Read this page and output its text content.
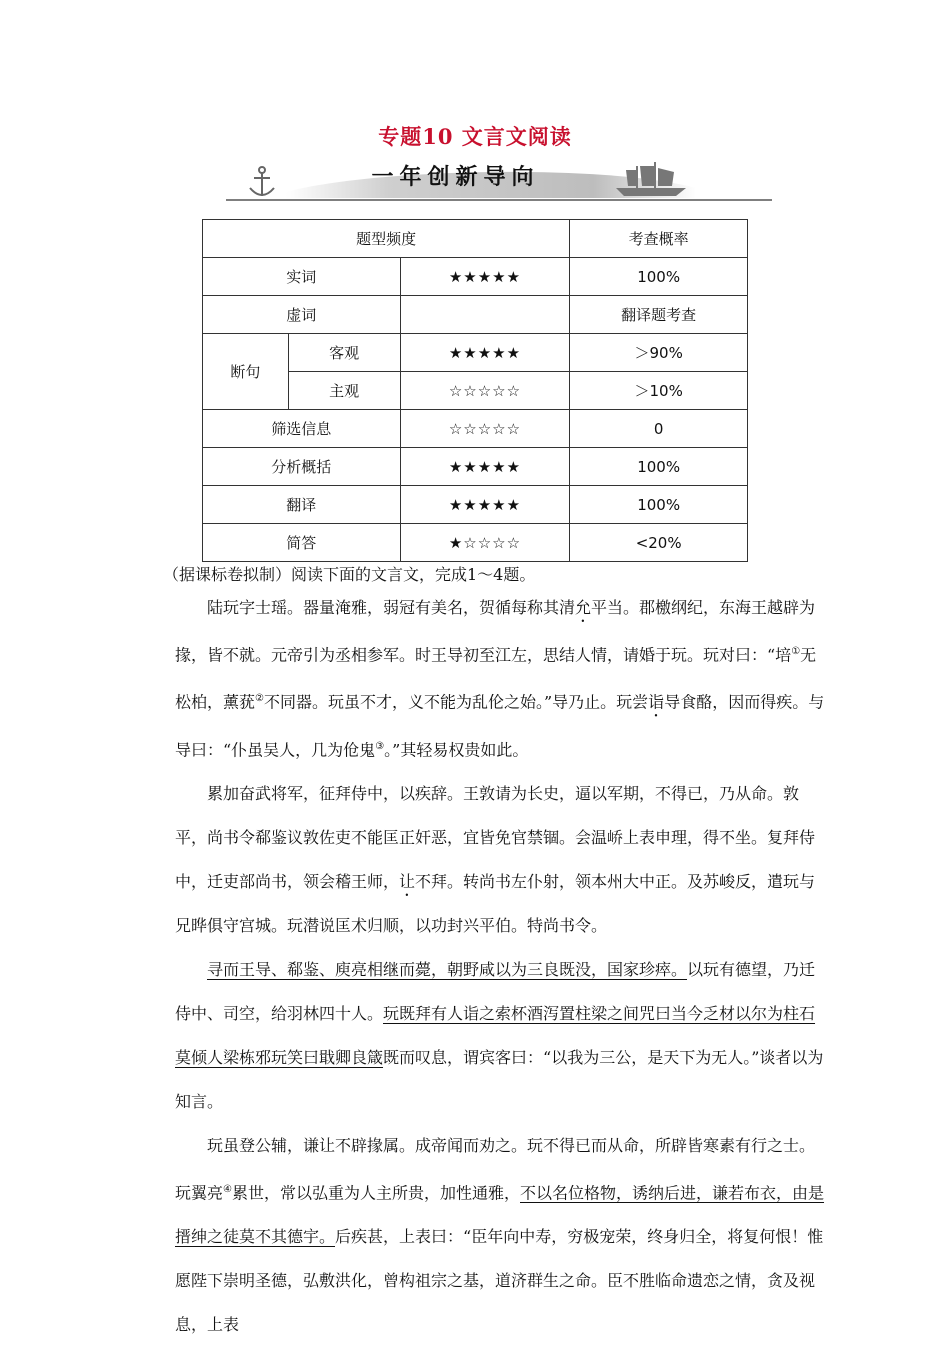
专题10 文言文阅读
一年创新导向
题型频度			考查概率
实词		★★★★★	100%
虚词			翻译题考查
断句	客观	★★★★★	＞90%
	主观	☆☆☆☆☆	＞10%
筛选信息		☆☆☆☆☆	0
分析概括		★★★★★	100%
翻译		★★★★★	100%
简答		★☆☆☆☆	<20%
（据课标卷拟制）阅读下面的文言文，完成1～4题。

陆玩字士瑶。器量淹雅，弱冠有美名，贺循每称其清允平当。郡檄纲纪，东海王越辟为掾，皆不就。元帝引为丞相参军。时王导初至江左，思结人情，请婚于玩。玩对曰：“培①无松柏，薰莸②不同器。玩虽不才，义不能为乱伦之始。”导乃止。玩尝诣导食酪，因而得疾。与导曰：“仆虽吴人，几为伧鬼③。”其轻易权贵如此。

累加奋武将军，征拜侍中，以疾辞。王敦请为长史，逼以军期，不得已，乃从命。敦平，尚书令郗鉴议敦佐吏不能匡正奸恶，宜皆免官禁锢。会温峤上表申理，得不坐。复拜侍中，迁吏部尚书，领会稽王师，让不拜。转尚书左仆射，领本州大中正。及苏峻反，遣玩与兄晔俱守宫城。玩潜说匡术归顺，以功封兴平伯。特尚书令。

寻而王导、郗鉴、庾亮相继而薨，朝野咸以为三良既没，国家珍瘁。以玩有德望，乃迁侍中、司空，给羽林四十人。玩既拜有人诣之索杯酒泻置柱梁之间咒曰当今乏材以尔为柱石莫倾人梁栋邪玩笑曰戢卿良箴既而叹息，谓宾客曰：“以我为三公，是天下为无人。”谈者以为知言。

玩虽登公辅，谦让不辟掾属。成帝闻而劝之。玩不得已而从命，所辟皆寒素有行之士。玩翼亮④累世，常以弘重为人主所贵，加性通雅，不以名位格物，诱纳后进，谦若布衣，由是搢绅之徒莫不其德宇。后疾甚，上表曰：“臣年向中寿，穷极宠荣，终身归全，将复何恨！惟愿陛下崇明圣德，弘敷洪化，曾构祖宗之基，道济群生之命。臣不胜临命遗恋之情，贪及视息，上表
